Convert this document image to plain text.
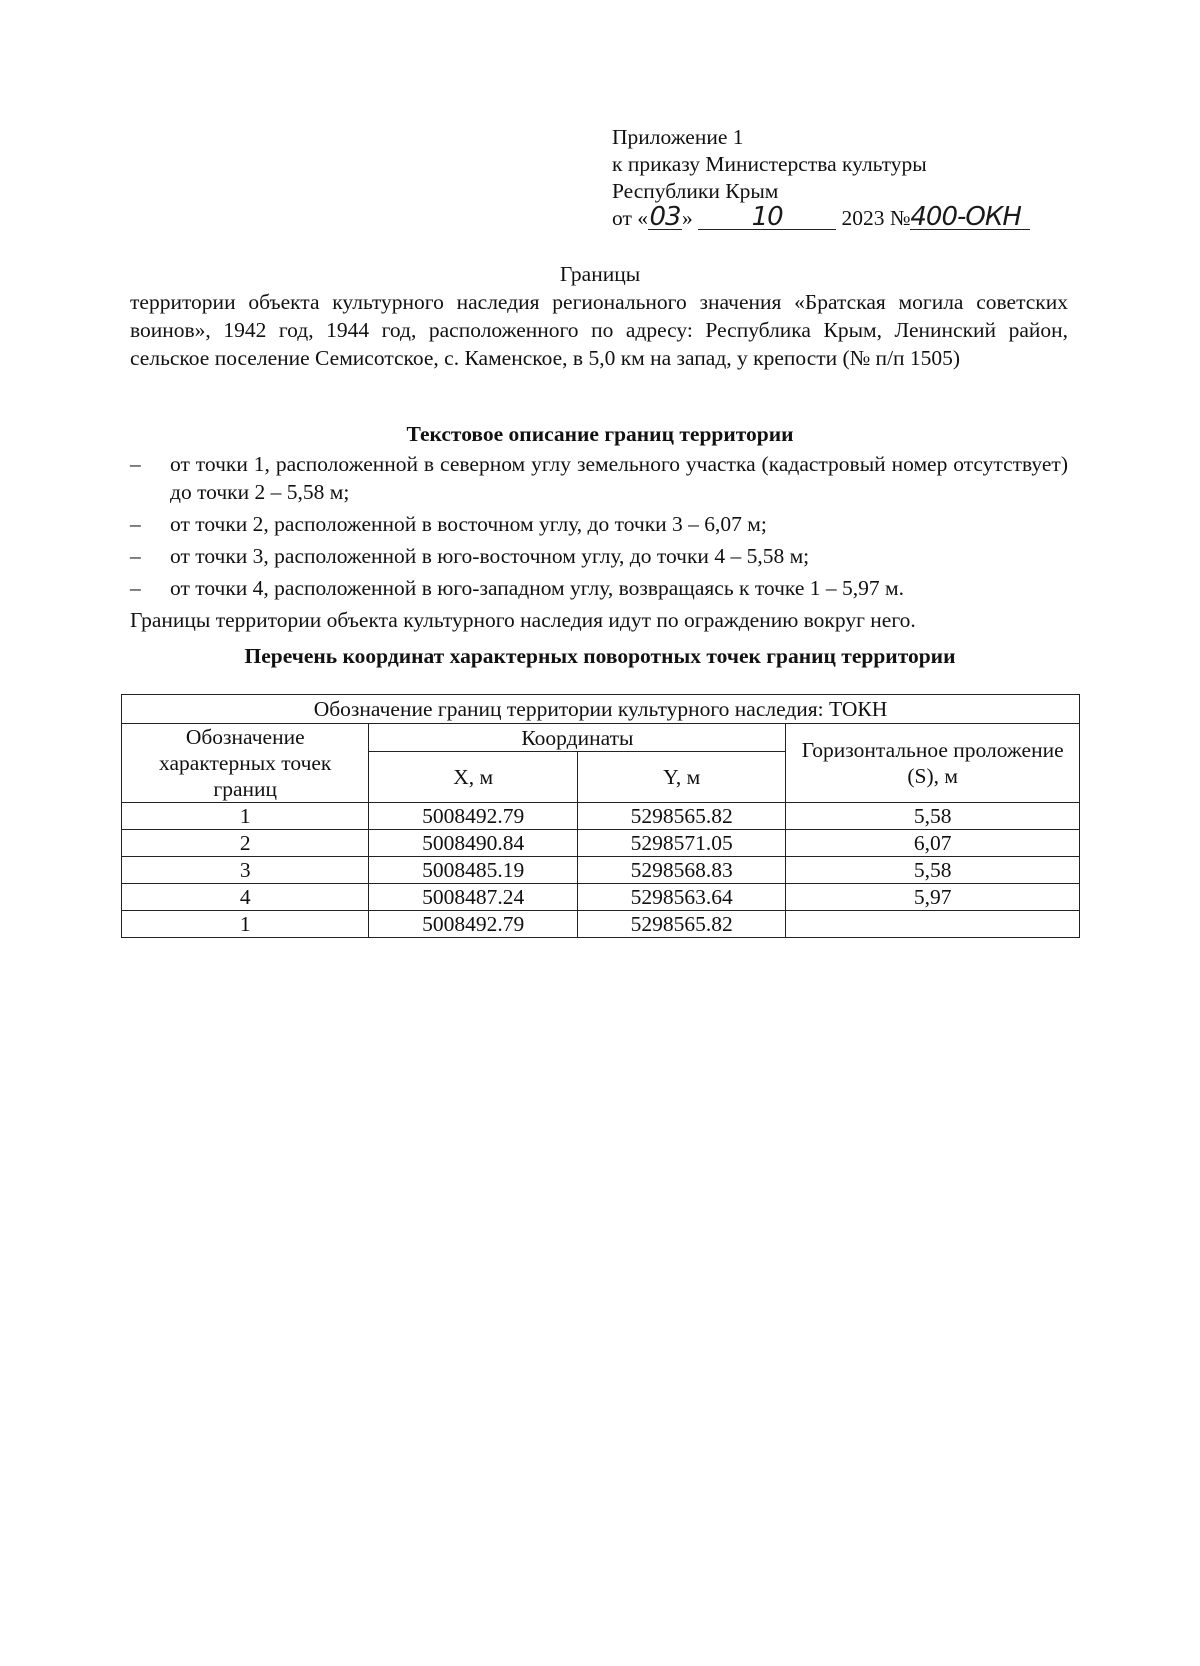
Приложение 1
к приказу Министерства культуры
Республики Крым
от «03» 10	2023 №400-ОКН
Границы
территории объекта культурного наследия регионального значения «Братская могила советских воинов», 1942 год, 1944 год, расположенного по адресу: Республика Крым, Ленинский район, сельское поселение Семисотское, с. Каменское, в 5,0 км на запад, у крепости (№ п/п 1505)
Текстовое описание границ территории
– от точки 1, расположенной в северном углу земельного участка (кадастровый номер отсутствует) до точки 2 – 5,58 м;
– от точки 2, расположенной в восточном углу, до точки 3 – 6,07 м;
– от точки 3, расположенной в юго-восточном углу, до точки 4 – 5,58 м;
– от точки 4, расположенной в юго-западном углу, возвращаясь к точке 1 – 5,97 м.
Границы территории объекта культурного наследия идут по ограждению вокруг него.
Перечень координат характерных поворотных точек границ территории
Обозначение границ территории культурного наследия: ТОКН			
Обозначение характерных точек границ	Координаты		Горизонтальное проложение (S), м
	X, м	Y, м	
1	5008492.79	5298565.82	5,58
2	5008490.84	5298571.05	6,07
3	5008485.19	5298568.83	5,58
4	5008487.24	5298563.64	5,97
1	5008492.79	5298565.82	
